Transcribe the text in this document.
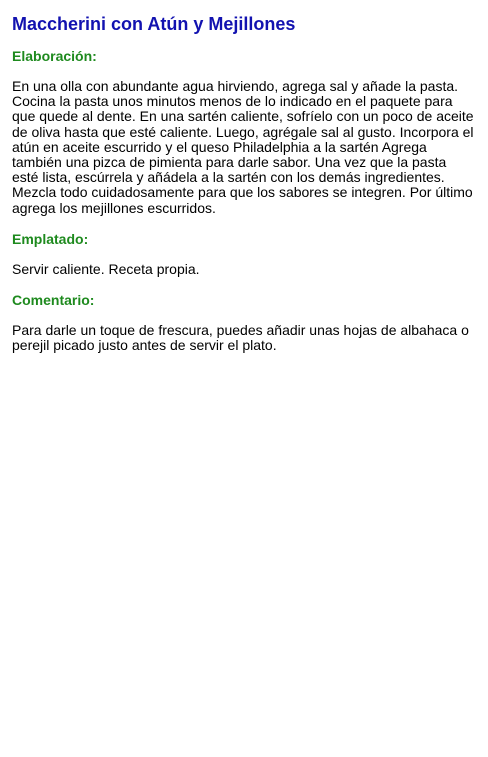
Maccherini con Atún y Mejillones
Elaboración:

En una olla con abundante agua hirviendo, agrega sal y añade la pasta. Cocina la pasta unos minutos menos de lo indicado en el paquete para que quede al dente. En una sartén caliente, sofríelo con un poco de aceite de oliva hasta que esté caliente. Luego, agrégale sal al gusto. Incorpora el atún en aceite escurrido y el queso Philadelphia a la sartén Agrega también una pizca de pimienta para darle sabor. Una vez que la pasta esté lista, escúrrela y añádela a la sartén con los demás ingredientes. Mezcla todo cuidadosamente para que los sabores se integren. Por último agrega los mejillones escurridos.

Emplatado:

Servir caliente. Receta propia.

Comentario:

Para darle un toque de frescura, puedes añadir unas hojas de albahaca o perejil picado justo antes de servir el plato.
